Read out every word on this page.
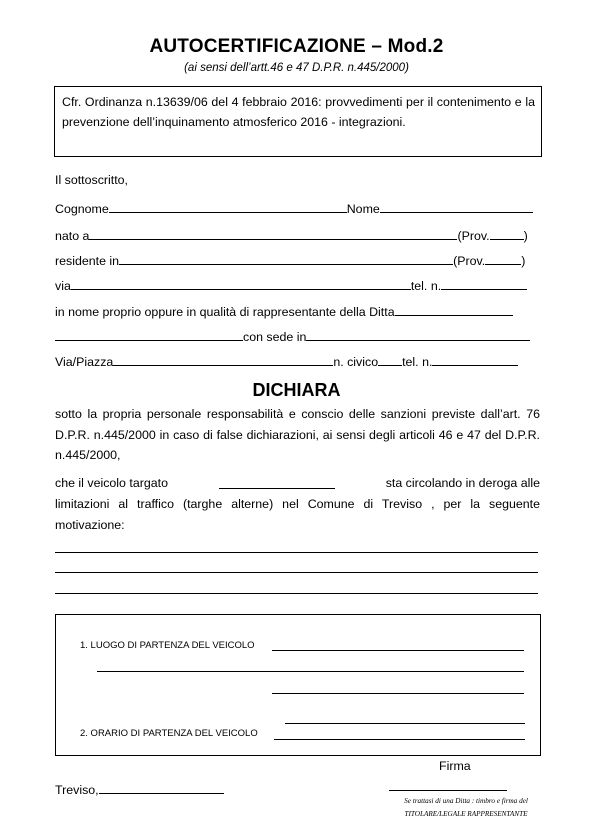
AUTOCERTIFICAZIONE – Mod.2
(ai sensi dell’artt.46 e 47 D.P.R. n.445/2000)
Cfr. Ordinanza n.13639/06 del 4 febbraio 2016: provvedimenti per il contenimento e la prevenzione dell’inquinamento atmosferico 2016 - integrazioni.
Il sottoscritto,
Cognome	Nome
nato a	(Prov.	)
residente in	(Prov.	)
via	tel. n.
in nome proprio oppure in qualità di rappresentante della Ditta
con sede in
Via/Piazza	n. civico tel. n.
DICHIARA
sotto la propria personale responsabilità e conscio delle sanzioni previste dall’art. 76 D.P.R. n.445/2000 in caso di false dichiarazioni, ai sensi degli articoli 46 e 47 del D.P.R. n.445/2000,
che il veicolo targato	sta circolando in deroga alle
limitazioni al traffico (targhe alterne) nel Comune di Treviso , per la seguente motivazione:
1. LUOGO DI PARTENZA DEL VEICOLO
2. ORARIO DI PARTENZA DEL VEICOLO
Firma
Treviso,
Se trattasi di una Ditta : timbro e firma del
TITOLARE/LEGALE RAPPRESENTANTE
